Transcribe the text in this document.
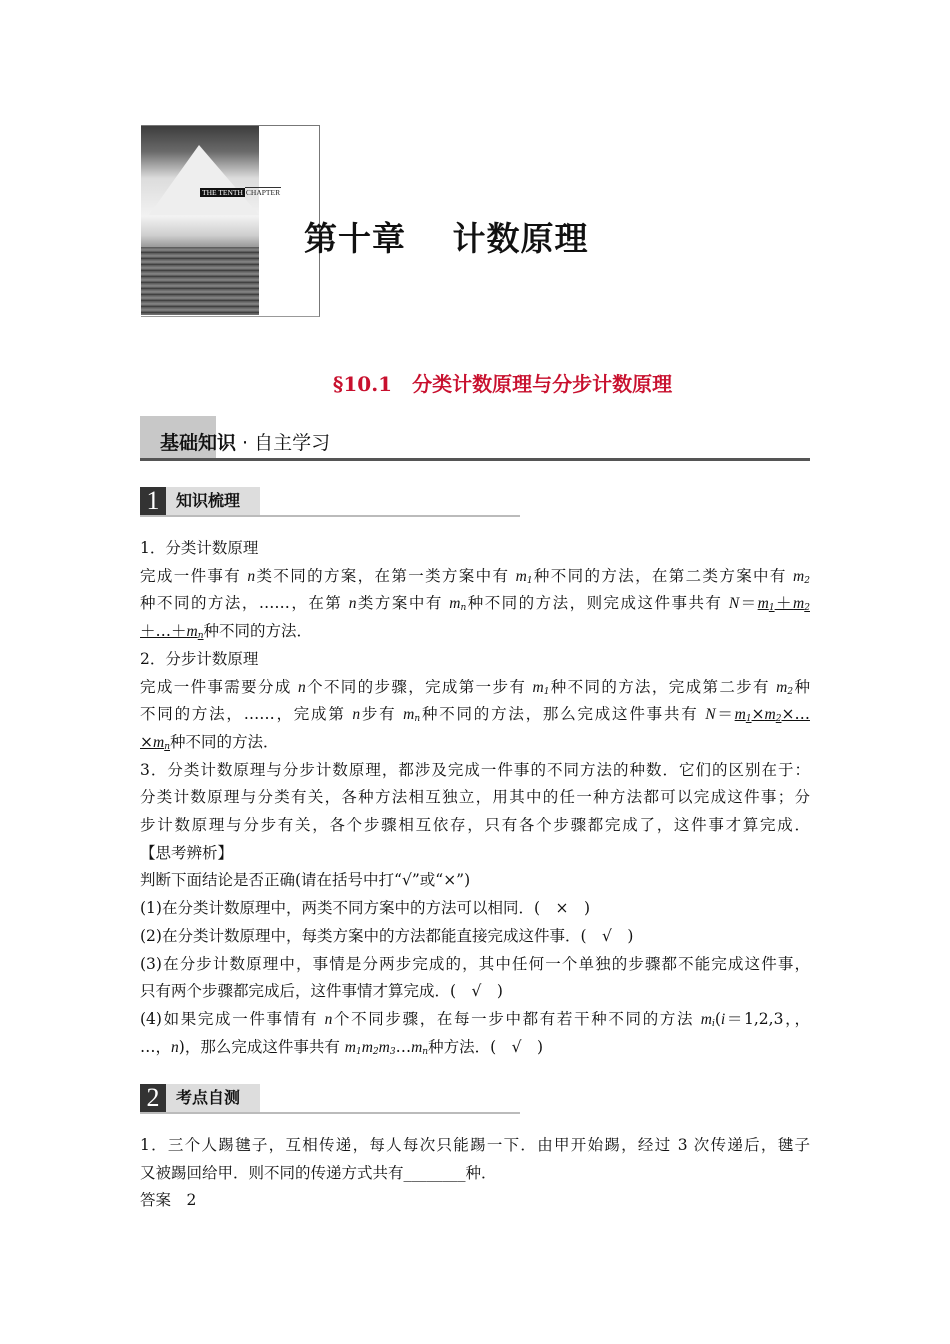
THE TENTH CHAPTER
第十章　 计数原理
§10.1　分类计数原理与分步计数原理
基础知识 · 自主学习
1	知识梳理
1．分类计数原理
完成一件事有 n类不同的方案，在第一类方案中有 m1种不同的方法，在第二类方案中有 m2
种不同的方法，……，在第 n类方案中有 mn种不同的方法，则完成这件事共有 N＝m1＋m2
＋…＋mn种不同的方法．
2．分步计数原理
完成一件事需要分成 n个不同的步骤，完成第一步有 m1种不同的方法，完成第二步有 m2种
不同的方法，……，完成第 n步有 mn种不同的方法，那么完成这件事共有 N＝m1×m2×…
×mn种不同的方法．
3．分类计数原理与分步计数原理，都涉及完成一件事的不同方法的种数．它们的区别在于：
分类计数原理与分类有关，各种方法相互独立，用其中的任一种方法都可以完成这件事；分
步计数原理与分步有关，各个步骤相互依存，只有各个步骤都完成了，这件事才算完成．
【思考辨析】
判断下面结论是否正确(请在括号中打“√”或“×”)
(1)在分类计数原理中，两类不同方案中的方法可以相同．(　×　)
(2)在分类计数原理中，每类方案中的方法都能直接完成这件事．(　√　)
(3)在分步计数原理中，事情是分两步完成的，其中任何一个单独的步骤都不能完成这件事，
只有两个步骤都完成后，这件事情才算完成．(　√　)
(4)如果完成一件事情有 n个不同步骤，在每一步中都有若干种不同的方法 mi(i＝1,2,3，，
…，n)，那么完成这件事共有 m1m2m3…mn种方法．(　√　)
2	考点自测
1．三个人踢毽子，互相传递，每人每次只能踢一下．由甲开始踢，经过 3 次传递后，毽子
又被踢回给甲．则不同的传递方式共有________种．
答案　2
